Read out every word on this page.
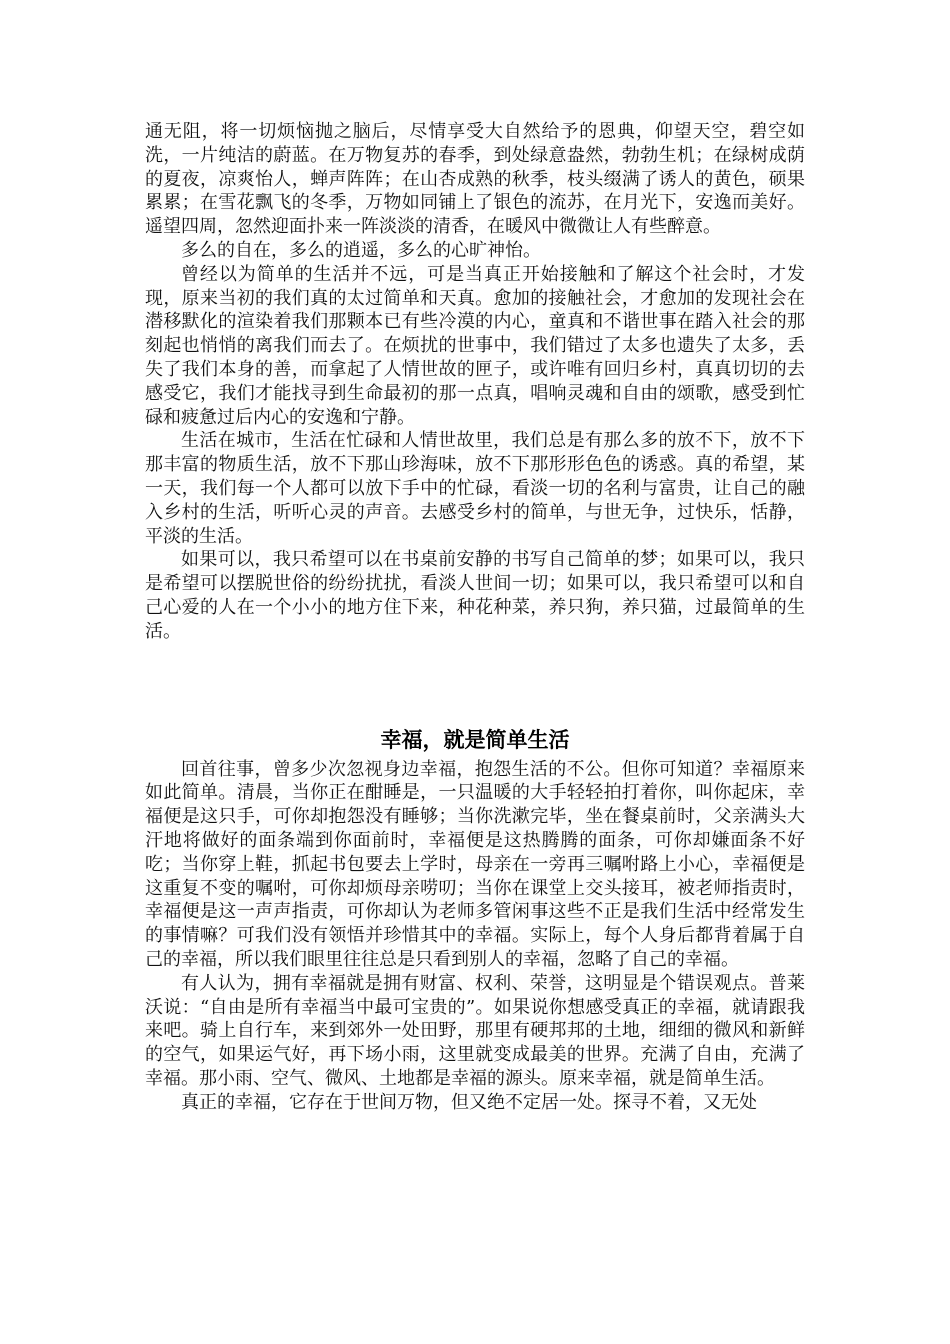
通无阻，将一切烦恼抛之脑后，尽情享受大自然给予的恩典，仰望天空，碧空如洗，一片纯洁的蔚蓝。在万物复苏的春季，到处绿意盎然，勃勃生机；在绿树成荫的夏夜，凉爽怡人，蝉声阵阵；在山杏成熟的秋季，枝头缀满了诱人的黄色，硕果累累；在雪花飘飞的冬季，万物如同铺上了银色的流苏，在月光下，安逸而美好。遥望四周，忽然迎面扑来一阵淡淡的清香，在暖风中微微让人有些醉意。

多么的自在，多么的逍遥，多么的心旷神怡。

曾经以为简单的生活并不远，可是当真正开始接触和了解这个社会时，才发现，原来当初的我们真的太过简单和天真。愈加的接触社会，才愈加的发现社会在潜移默化的渲染着我们那颗本已有些冷漠的内心，童真和不谐世事在踏入社会的那刻起也悄悄的离我们而去了。在烦扰的世事中，我们错过了太多也遗失了太多，丢失了我们本身的善，而拿起了人情世故的匣子，或许唯有回归乡村，真真切切的去感受它，我们才能找寻到生命最初的那一点真，唱响灵魂和自由的颂歌，感受到忙碌和疲惫过后内心的安逸和宁静。

生活在城市，生活在忙碌和人情世故里，我们总是有那么多的放不下，放不下那丰富的物质生活，放不下那山珍海味，放不下那形形色色的诱惑。真的希望，某一天，我们每一个人都可以放下手中的忙碌，看淡一切的名利与富贵，让自己的融入乡村的生活，听听心灵的声音。去感受乡村的简单，与世无争，过快乐，恬静，平淡的生活。

如果可以，我只希望可以在书桌前安静的书写自己简单的梦；如果可以，我只是希望可以摆脱世俗的纷纷扰扰，看淡人世间一切；如果可以，我只希望可以和自己心爱的人在一个小小的地方住下来，种花种菜，养只狗，养只猫，过最简单的生活。

幸福，就是简单生活

回首往事，曾多少次忽视身边幸福，抱怨生活的不公。但你可知道？幸福原来如此简单。清晨，当你正在酣睡是，一只温暖的大手轻轻拍打着你，叫你起床，幸福便是这只手，可你却抱怨没有睡够；当你洗漱完毕，坐在餐桌前时，父亲满头大汗地将做好的面条端到你面前时，幸福便是这热腾腾的面条，可你却嫌面条不好吃；当你穿上鞋，抓起书包要去上学时，母亲在一旁再三嘱咐路上小心，幸福便是这重复不变的嘱咐，可你却烦母亲唠叨；当你在课堂上交头接耳，被老师指责时，幸福便是这一声声指责，可你却认为老师多管闲事这些不正是我们生活中经常发生的事情嘛？可我们没有领悟并珍惜其中的幸福。实际上，每个人身后都背着属于自己的幸福，所以我们眼里往往总是只看到别人的幸福，忽略了自己的幸福。

有人认为，拥有幸福就是拥有财富、权利、荣誉，这明显是个错误观点。普莱沃说：“自由是所有幸福当中最可宝贵的”。如果说你想感受真正的幸福，就请跟我来吧。骑上自行车，来到郊外一处田野，那里有硬邦邦的土地，细细的微风和新鲜的空气，如果运气好，再下场小雨，这里就变成最美的世界。充满了自由，充满了幸福。那小雨、空气、微风、土地都是幸福的源头。原来幸福，就是简单生活。

真正的幸福，它存在于世间万物，但又绝不定居一处。探寻不着，又无处
